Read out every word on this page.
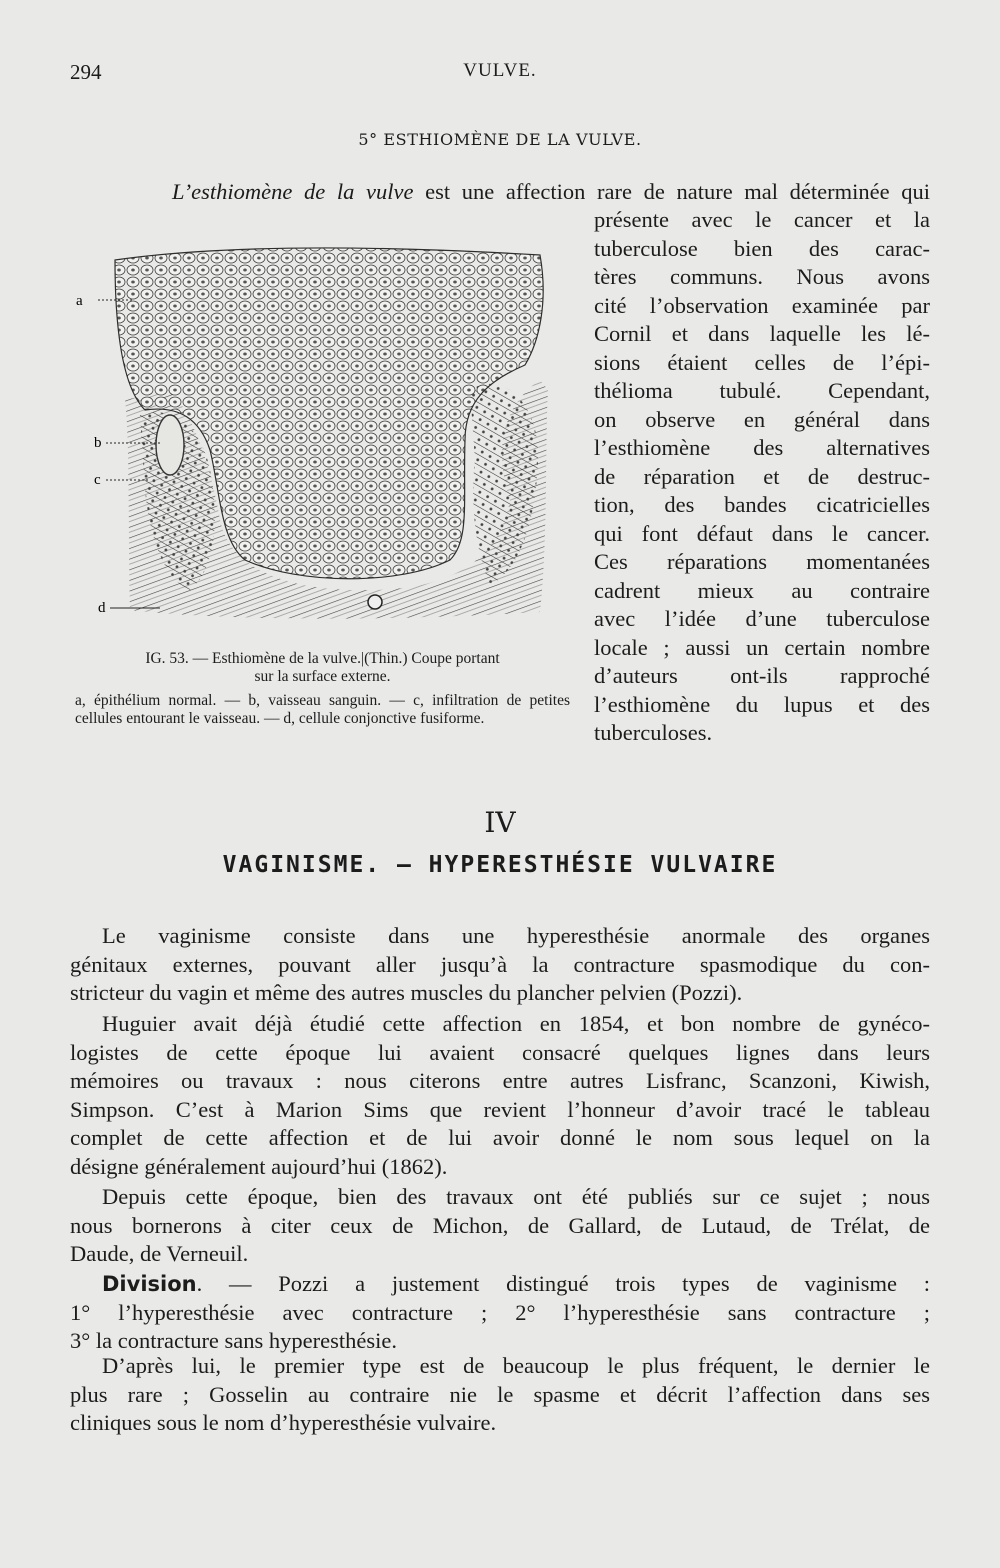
294	VULVE.
5° ESTHIOMÈNE DE LA VULVE.
L’esthiomène de la vulve est une affection rare de nature mal déterminée qui
présente avec le cancer et la
tuberculose bien des carac-
tères communs. Nous avons
cité l’observation examinée par
Cornil et dans laquelle les lé-
sions étaient celles de l’épi-
thélioma tubulé. Cependant,
on observe en général dans
l’esthiomène des alternatives
de réparation et de destruc-
tion, des bandes cicatricielles
qui font défaut dans le cancer.
Ces réparations momentanées
cadrent mieux au contraire
avec l’idée d’une tuberculose
locale ; aussi un certain nombre
d’auteurs ont-ils rapproché
l’esthiomène du lupus et des
tuberculoses.
a
b
c
d
IG. 53. — Esthiomène de la vulve.|(Thin.) Coupe portant
sur la surface externe.
a, épithélium normal. — b, vaisseau sanguin. — c, infiltration de petites cellules entourant le vaisseau. — d, cellule conjonctive fusiforme.
IV
VAGINISME. — HYPERESTHÉSIE VULVAIRE
Le vaginisme consiste dans une hyperesthésie anormale des organes
génitaux externes, pouvant aller jusqu’à la contracture spasmodique du con-
stricteur du vagin et même des autres muscles du plancher pelvien (Pozzi).
Huguier avait déjà étudié cette affection en 1854, et bon nombre de gynéco-
logistes de cette époque lui avaient consacré quelques lignes dans leurs
mémoires ou travaux : nous citerons entre autres Lisfranc, Scanzoni, Kiwish,
Simpson. C’est à Marion Sims que revient l’honneur d’avoir tracé le tableau
complet de cette affection et de lui avoir donné le nom sous lequel on la
désigne généralement aujourd’hui (1862).
Depuis cette époque, bien des travaux ont été publiés sur ce sujet ; nous
nous bornerons à citer ceux de Michon, de Gallard, de Lutaud, de Trélat, de
Daude, de Verneuil.
Division. — Pozzi a justement distingué trois types de vaginisme :
1° l’hyperesthésie avec contracture ; 2° l’hyperesthésie sans contracture ;
3° la contracture sans hyperesthésie.
D’après lui, le premier type est de beaucoup le plus fréquent, le dernier le
plus rare ; Gosselin au contraire nie le spasme et décrit l’affection dans ses
cliniques sous le nom d’hyperesthésie vulvaire.
